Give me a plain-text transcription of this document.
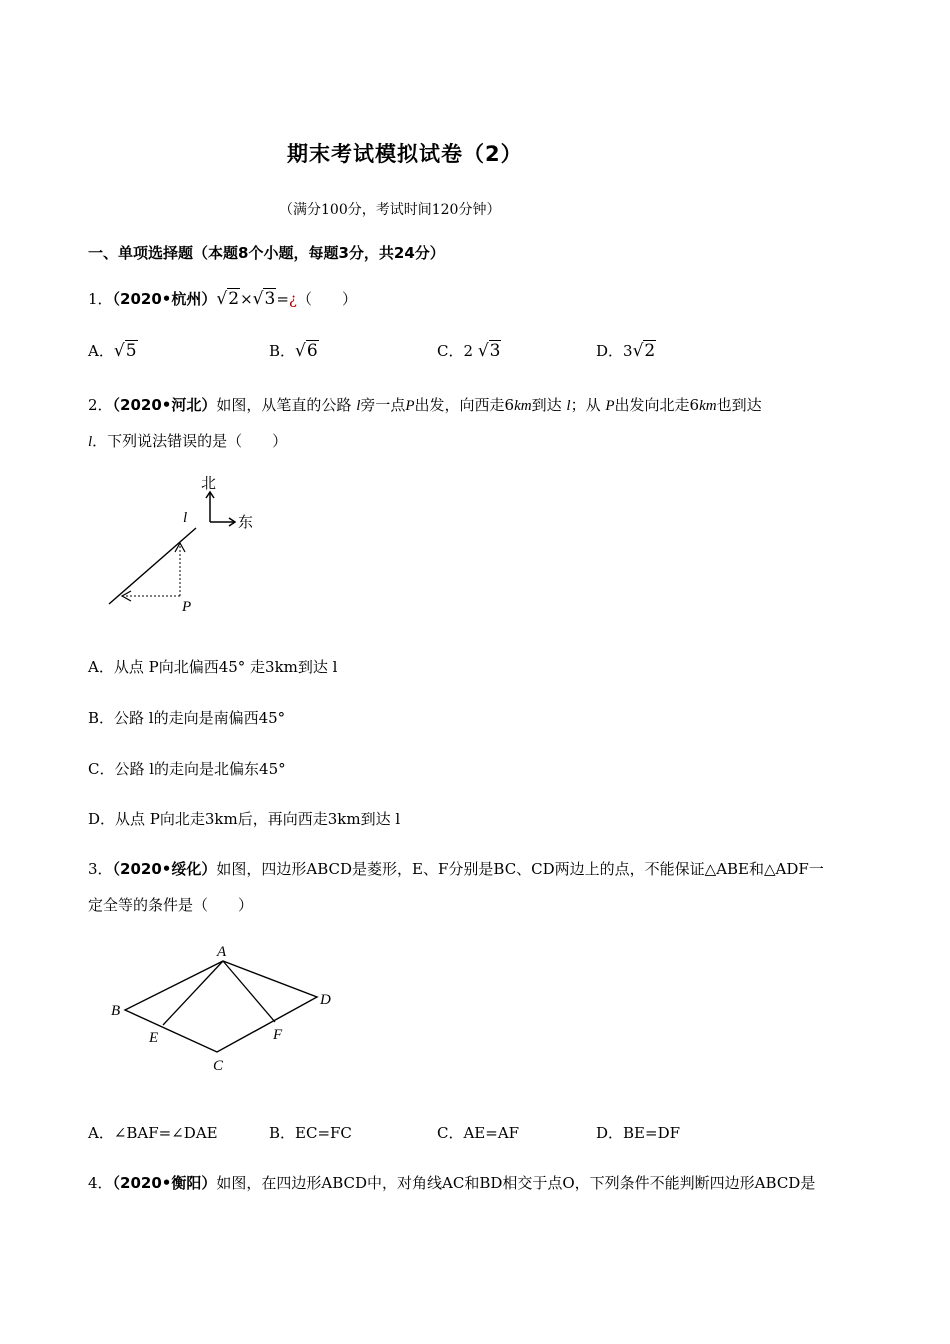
期末考试模拟试卷（2）
（满分100分，考试时间120分钟）
一、单项选择题（本题8个小题，每题3分，共24分）
1．（2020•杭州）√2×√3=¿（　　）
A．√5	B．√6	C．2 √3	D．3√2
2．（2020•河北）如图，从笔直的公路 l旁一点P出发，向西走6km到达 l；从 P出发向北走6km也到达
l．下列说法错误的是（　　）
北
东
l
P
A．从点 P向北偏西45° 走3km到达 l
B．公路 l的走向是南偏西45°
C．公路 l的走向是北偏东45°
D．从点 P向北走3km后，再向西走3km到达 l
3．（2020•绥化）如图，四边形ABCD是菱形，E、F分别是BC、CD两边上的点，不能保证△ABE和△ADF一
定全等的条件是（　　）
A
B
C
D
E	F
A．∠BAF=∠DAE	B．EC=FC	C．AE=AF	D．BE=DF
4．（2020•衡阳）如图，在四边形ABCD中，对角线AC和BD相交于点O，下列条件不能判断四边形ABCD是
